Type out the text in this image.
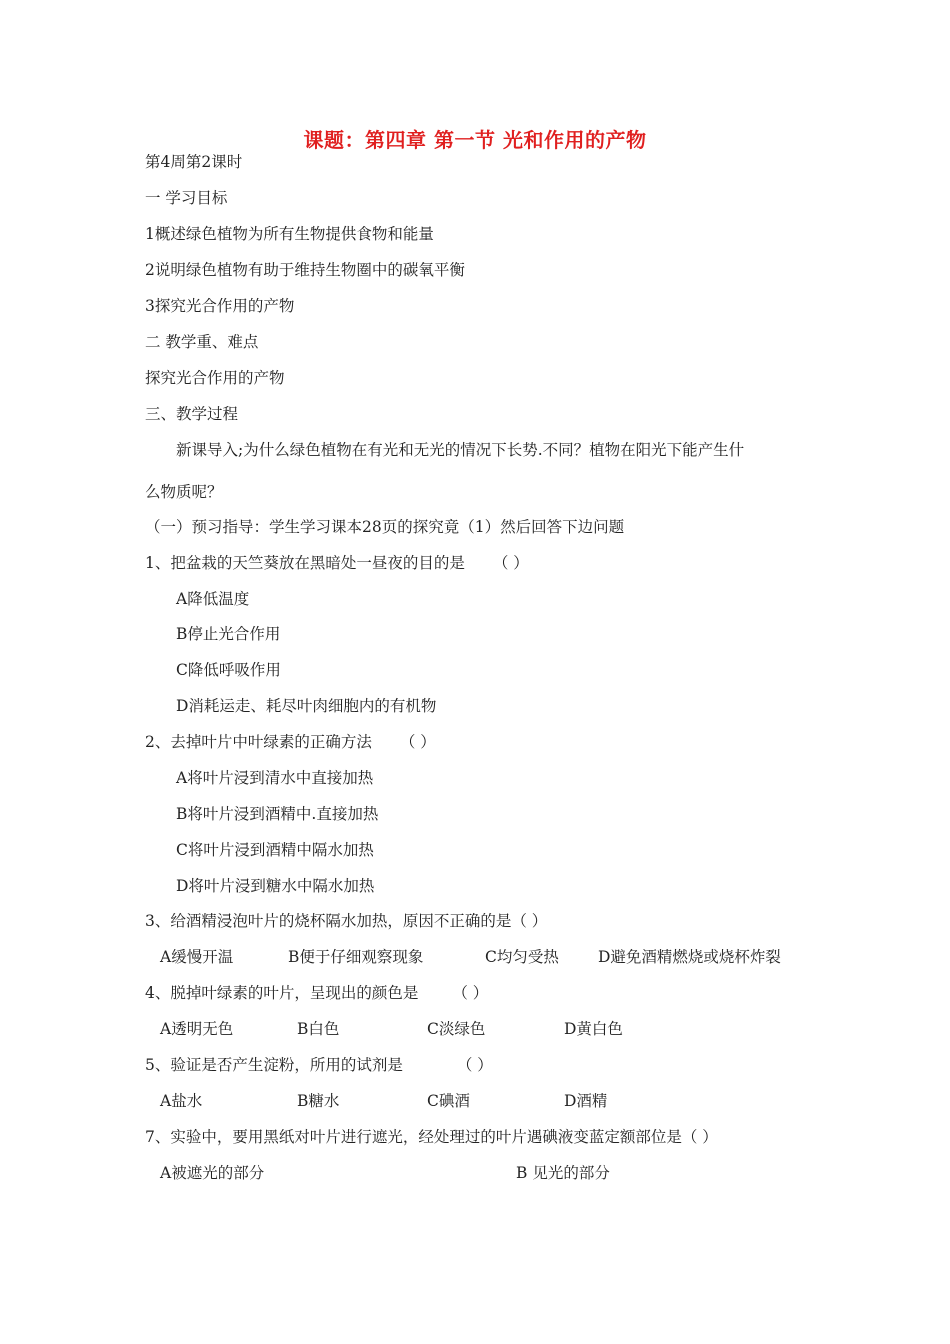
课题：第四章 第一节 光和作用的产物
第4周第2课时
一 学习目标
1概述绿色植物为所有生物提供食物和能量
2说明绿色植物有助于维持生物圈中的碳氧平衡
3探究光合作用的产物
二 教学重、难点
探究光合作用的产物
三、教学过程
新课导入;为什么绿色植物在有光和无光的情况下长势.不同？植物在阳光下能产生什
么物质呢？
（一）预习指导：学生学习课本28页的探究竟（1）然后回答下边问题
1、把盆栽的天竺葵放在黑暗处一昼夜的目的是 （ ）
A降低温度
B停止光合作用
C降低呼吸作用
D消耗运走、耗尽叶肉细胞内的有机物
2、去掉叶片中叶绿素的正确方法 （ ）
A将叶片浸到清水中直接加热
B将叶片浸到酒精中.直接加热
C将叶片浸到酒精中隔水加热
D将叶片浸到糖水中隔水加热
3、给酒精浸泡叶片的烧杯隔水加热，原因不正确的是（ ）
A缓慢开温	B便于仔细观察现象	C均匀受热	D避免酒精燃烧或烧杯炸裂
4、脱掉叶绿素的叶片，呈现出的颜色是 （ ）
A透明无色	B白色	C淡绿色	D黄白色
5、验证是否产生淀粉，所用的试剂是	（ ）
A盐水	B糖水	C碘酒	D酒精
7、实验中，要用黑纸对叶片进行遮光，经处理过的叶片遇碘液变蓝定额部位是（ ）
A被遮光的部分	B 见光的部分
